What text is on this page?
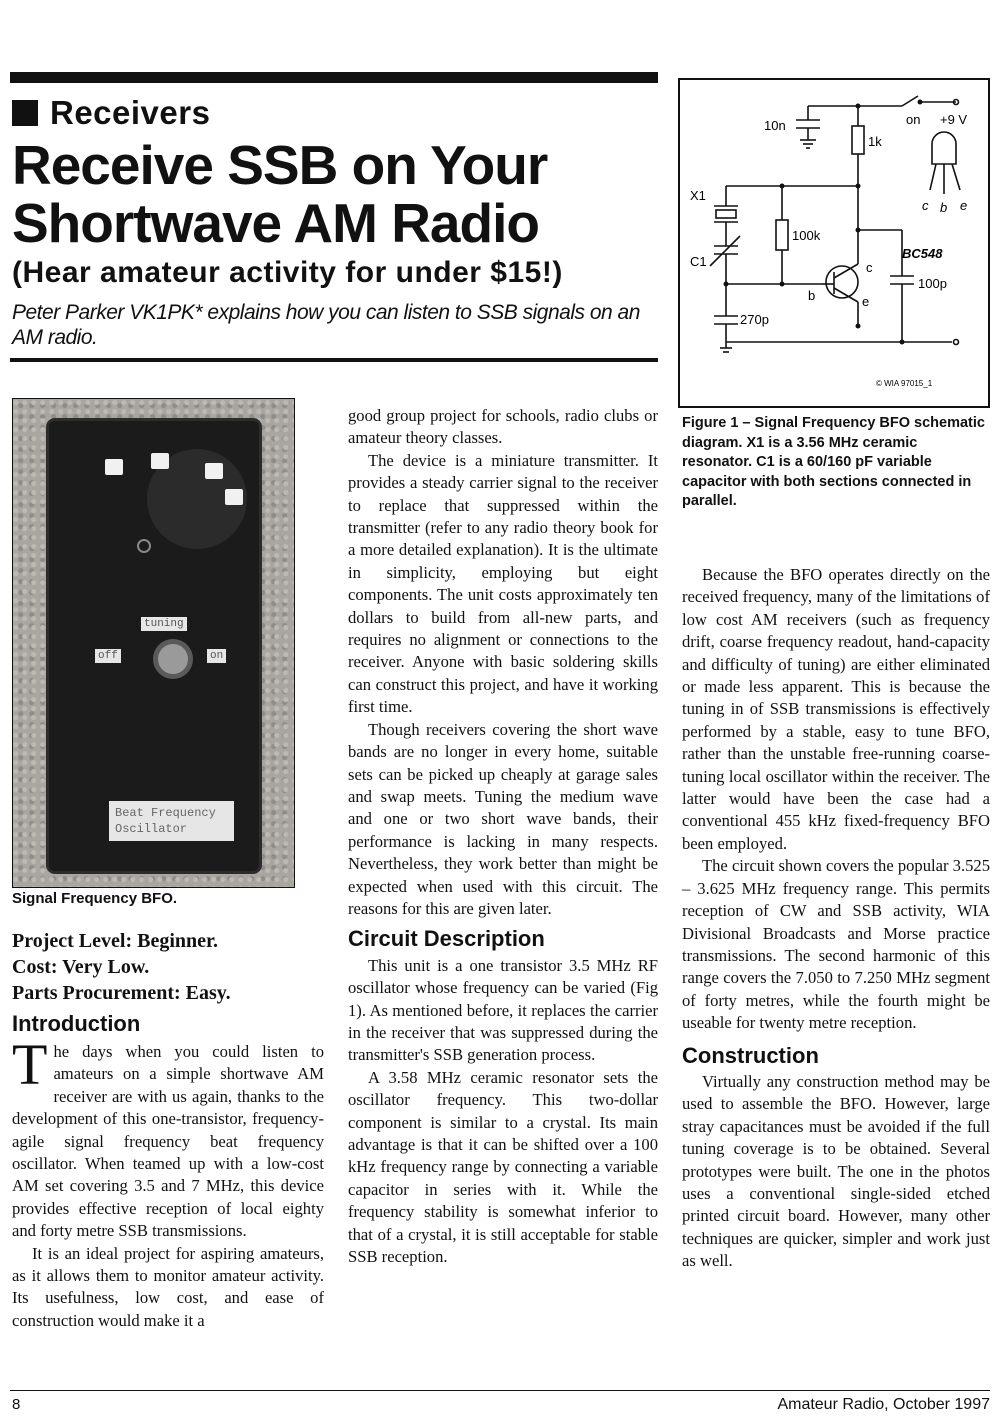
Receivers
Receive SSB on Your Shortwave AM Radio
(Hear amateur activity for under $15!)
Peter Parker VK1PK* explains how you can listen to SSB signals on an AM radio.
tuning
off	on
Beat Frequency
Oscillator
Signal Frequency BFO.
Project Level: Beginner.
Cost: Very Low.
Parts Procurement: Easy.
Introduction

The days when you could listen to amateurs on a simple shortwave AM receiver are with us again, thanks to the development of this one-transistor, frequency-agile signal frequency beat frequency oscillator. When teamed up with a low-cost AM set covering 3.5 and 7 MHz, this device provides effective reception of local eighty and forty metre SSB transmissions.

It is an ideal project for aspiring amateurs, as it allows them to monitor amateur activity. Its usefulness, low cost, and ease of construction would make it a

good group project for schools, radio clubs or amateur theory classes.

The device is a miniature transmitter. It provides a steady carrier signal to the receiver to replace that suppressed within the transmitter (refer to any radio theory book for a more detailed explanation). It is the ultimate in simplicity, employing but eight components. The unit costs approximately ten dollars to build from all-new parts, and requires no alignment or connections to the receiver. Anyone with basic soldering skills can construct this project, and have it working first time.

Though receivers covering the short wave bands are no longer in every home, suitable sets can be picked up cheaply at garage sales and swap meets. Tuning the medium wave and one or two short wave bands, their performance is lacking in many respects. Nevertheless, they work better than might be expected when used with this circuit. The reasons for this are given later.

Circuit Description

This unit is a one transistor 3.5 MHz RF oscillator whose frequency can be varied (Fig 1). As mentioned before, it replaces the carrier in the receiver that was suppressed during the transmitter's SSB generation process.

A 3.58 MHz ceramic resonator sets the oscillator frequency. This two-dollar component is similar to a crystal. Its main advantage is that it can be shifted over a 100 kHz frequency range by connecting a variable capacitor in series with it. While the frequency stability is somewhat inferior to that of a crystal, it is still acceptable for stable SSB reception.

10n	on +9 V
1k
X1
100k
C1
BC548
c
b	e
100p
270p
c b e
© WIA 97015_1
Figure 1 – Signal Frequency BFO schematic diagram. X1 is a 3.56 MHz ceramic resonator. C1 is a 60/160 pF variable capacitor with both sections connected in parallel.

Because the BFO operates directly on the received frequency, many of the limitations of low cost AM receivers (such as frequency drift, coarse frequency readout, hand-capacity and difficulty of tuning) are either eliminated or made less apparent. This is because the tuning in of SSB transmissions is effectively performed by a stable, easy to tune BFO, rather than the unstable free-running coarse-tuning local oscillator within the receiver. The latter would have been the case had a conventional 455 kHz fixed-frequency BFO been employed.

The circuit shown covers the popular 3.525 – 3.625 MHz frequency range. This permits reception of CW and SSB activity, WIA Divisional Broadcasts and Morse practice transmissions. The second harmonic of this range covers the 7.050 to 7.250 MHz segment of forty metres, while the fourth might be useable for twenty metre reception.

Construction

Virtually any construction method may be used to assemble the BFO. However, large stray capacitances must be avoided if the full tuning coverage is to be obtained. Several prototypes were built. The one in the photos uses a conventional single-sided etched printed circuit board. However, many other techniques are quicker, simpler and work just as well.

8	Amateur Radio, October 1997
